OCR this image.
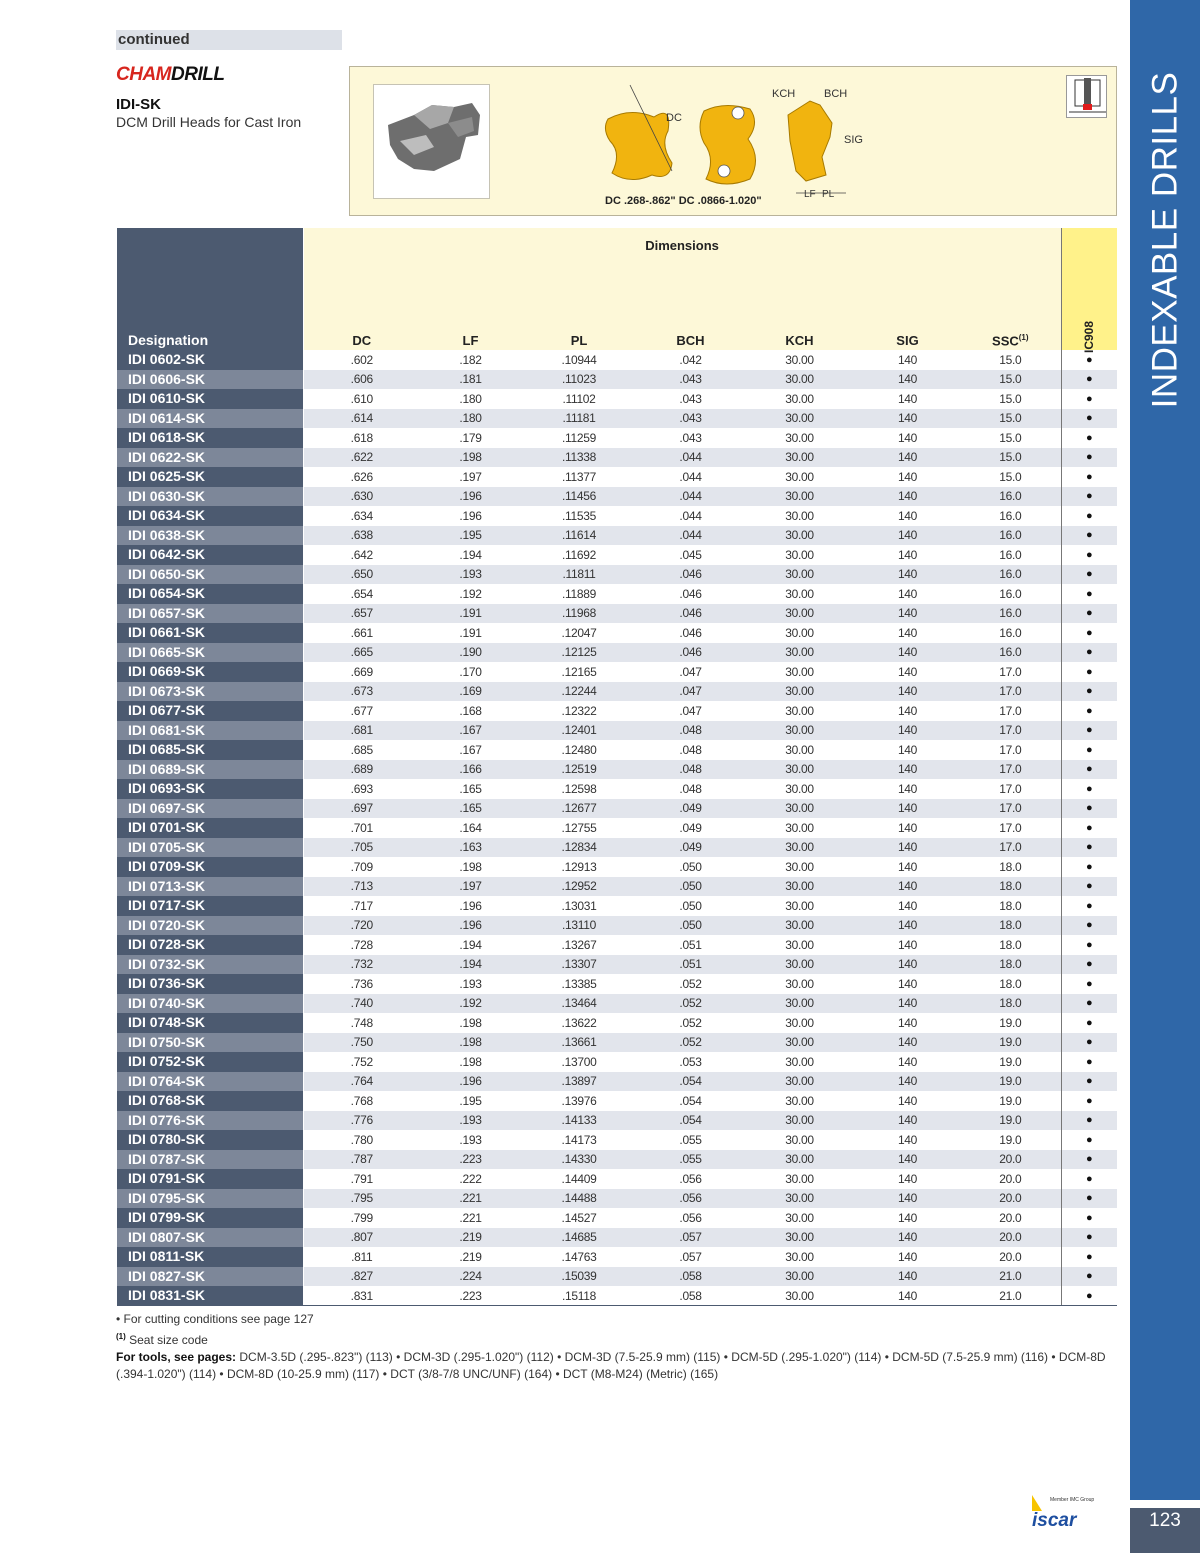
continued
CHAMDRILL
IDI-SK
DCM Drill Heads for Cast Iron	DC
KCH	BCH
SIG
LF PL
DC .268-.862" DC .0866-1.020"
Designation	Dimensions							IC908
	DC	LF	PL	BCH	KCH	SIG	SSC$^{(1)}$
IDI 0602-SK	.602	.182	.10944	.042	30.00	140	15.0	●
IDI 0606-SK	.606	.181	.11023	.043	30.00	140	15.0	●
IDI 0610-SK	.610	.180	.11102	.043	30.00	140	15.0	●
IDI 0614-SK	.614	.180	.11181	.043	30.00	140	15.0	●
IDI 0618-SK	.618	.179	.11259	.043	30.00	140	15.0	●
IDI 0622-SK	.622	.198	.11338	.044	30.00	140	15.0	●
IDI 0625-SK	.626	.197	.11377	.044	30.00	140	15.0	●
IDI 0630-SK	.630	.196	.11456	.044	30.00	140	16.0	●
IDI 0634-SK	.634	.196	.11535	.044	30.00	140	16.0	●
IDI 0638-SK	.638	.195	.11614	.044	30.00	140	16.0	●
IDI 0642-SK	.642	.194	.11692	.045	30.00	140	16.0	●
IDI 0650-SK	.650	.193	.11811	.046	30.00	140	16.0	●
IDI 0654-SK	.654	.192	.11889	.046	30.00	140	16.0	●
IDI 0657-SK	.657	.191	.11968	.046	30.00	140	16.0	●
IDI 0661-SK	.661	.191	.12047	.046	30.00	140	16.0	●
IDI 0665-SK	.665	.190	.12125	.046	30.00	140	16.0	●
IDI 0669-SK	.669	.170	.12165	.047	30.00	140	17.0	●
IDI 0673-SK	.673	.169	.12244	.047	30.00	140	17.0	●
IDI 0677-SK	.677	.168	.12322	.047	30.00	140	17.0	●
IDI 0681-SK	.681	.167	.12401	.048	30.00	140	17.0	●
IDI 0685-SK	.685	.167	.12480	.048	30.00	140	17.0	●
IDI 0689-SK	.689	.166	.12519	.048	30.00	140	17.0	●
IDI 0693-SK	.693	.165	.12598	.048	30.00	140	17.0	●
IDI 0697-SK	.697	.165	.12677	.049	30.00	140	17.0	●
IDI 0701-SK	.701	.164	.12755	.049	30.00	140	17.0	●
IDI 0705-SK	.705	.163	.12834	.049	30.00	140	17.0	●
IDI 0709-SK	.709	.198	.12913	.050	30.00	140	18.0	●
IDI 0713-SK	.713	.197	.12952	.050	30.00	140	18.0	●
IDI 0717-SK	.717	.196	.13031	.050	30.00	140	18.0	●
IDI 0720-SK	.720	.196	.13110	.050	30.00	140	18.0	●
IDI 0728-SK	.728	.194	.13267	.051	30.00	140	18.0	●
IDI 0732-SK	.732	.194	.13307	.051	30.00	140	18.0	●
IDI 0736-SK	.736	.193	.13385	.052	30.00	140	18.0	●
IDI 0740-SK	.740	.192	.13464	.052	30.00	140	18.0	●
IDI 0748-SK	.748	.198	.13622	.052	30.00	140	19.0	●
IDI 0750-SK	.750	.198	.13661	.052	30.00	140	19.0	●
IDI 0752-SK	.752	.198	.13700	.053	30.00	140	19.0	●
IDI 0764-SK	.764	.196	.13897	.054	30.00	140	19.0	●
IDI 0768-SK	.768	.195	.13976	.054	30.00	140	19.0	●
IDI 0776-SK	.776	.193	.14133	.054	30.00	140	19.0	●
IDI 0780-SK	.780	.193	.14173	.055	30.00	140	19.0	●
IDI 0787-SK	.787	.223	.14330	.055	30.00	140	20.0	●
IDI 0791-SK	.791	.222	.14409	.056	30.00	140	20.0	●
IDI 0795-SK	.795	.221	.14488	.056	30.00	140	20.0	●
IDI 0799-SK	.799	.221	.14527	.056	30.00	140	20.0	●
IDI 0807-SK	.807	.219	.14685	.057	30.00	140	20.0	●
IDI 0811-SK	.811	.219	.14763	.057	30.00	140	20.0	●
IDI 0827-SK	.827	.224	.15039	.058	30.00	140	21.0	●
IDI 0831-SK	.831	.223	.15118	.058	30.00	140	21.0	●
• For cutting conditions see page 127
$^{(1)}$ Seat size code
For tools, see pages: DCM-3.5D (.295-.823") (113) • DCM-3D (.295-1.020") (112) • DCM-3D (7.5-25.9 mm) (115) • DCM-5D (.295-1.020") (114) • DCM-5D (7.5-25.9 mm) (116) • DCM-8D (.394-1.020") (114) • DCM-8D (10-25.9 mm) (117) • DCT (3/8-7/8 UNC/UNF) (164) • DCT (M8-M24) (Metric) (165)
INDEXABLE DRILLS
123
Member IMC Group
iscar
